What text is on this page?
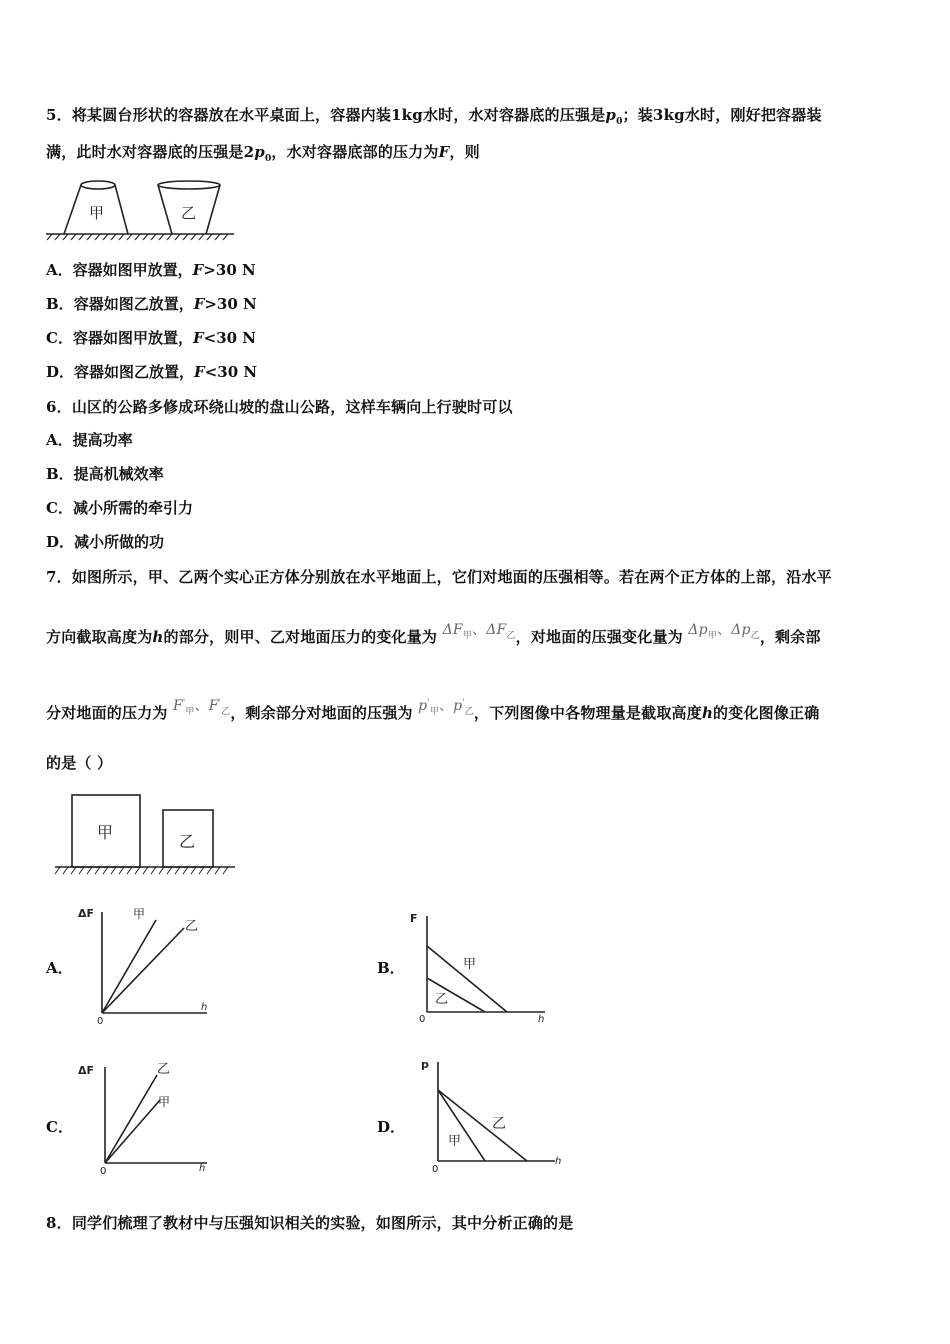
5．将某圆台形状的容器放在水平桌面上，容器内装1kg水时，水对容器底的压强是$p_0$；装3kg水时，刚好把容器装
满，此时水对容器底的压强是$2p_0$，水对容器底部的压力为F，则
甲	乙
A．容器如图甲放置，F>30 N
B．容器如图乙放置，F>30 N
C．容器如图甲放置，F<30 N
D．容器如图乙放置，F<30 N
6．山区的公路多修成环绕山坡的盘山公路，这样车辆向上行驶时可以
A．提高功率
B．提高机械效率
C．减小所需的牵引力
D．减小所做的功
7．如图所示，甲、乙两个实心正方体分别放在水平地面上，它们对地面的压强相等。若在两个正方体的上部，沿水平
方向截取高度为h的部分，则甲、乙对地面压力的变化量为 $\Delta F_甲$、$\Delta F_乙$，对地面的压强变化量为 $\Delta p_甲$、$\Delta p_乙$，剩余部
分对地面的压力为 $F'_甲$、$F'_乙$，剩余部分对地面的压强为 $p'_甲$、$p'_乙$，下列图像中各物理量是截取高度h的变化图像正确
的是（ ）
甲	乙
A．
ΔF
h
0
甲
乙
B．
F
h
0
甲
乙
C．
ΔF
h
0
乙
甲
D．
p
h
0
乙
甲
8．同学们梳理了教材中与压强知识相关的实验，如图所示，其中分析正确的是
